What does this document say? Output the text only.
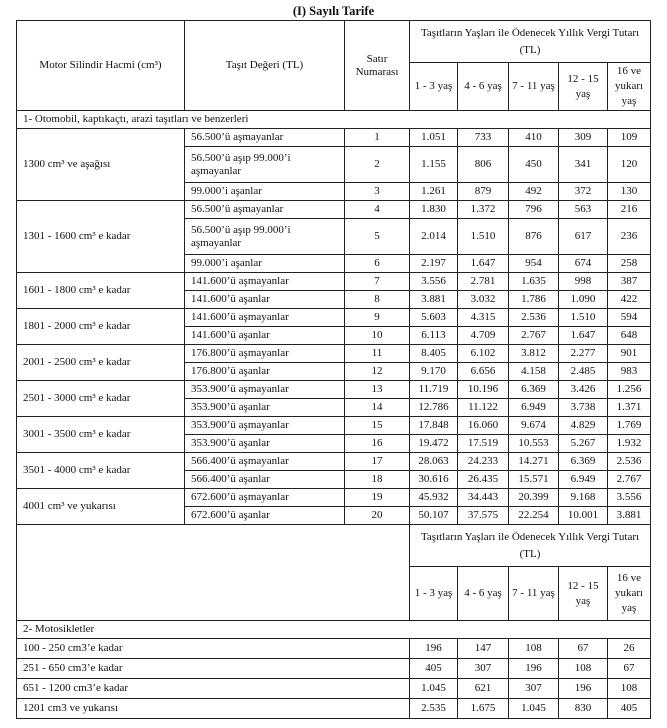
(I) Sayılı Tarife
Motor Silindir Hacmi (cm³)	Taşıt Değeri (TL)	Satır Numarası	Taşıtların Yaşları ile Ödenecek Yıllık Vergi Tutarı (TL)				
			1 - 3 yaş	4 - 6 yaş	7 - 11 yaş	12 - 15 yaş	16 ve yukarı yaş
1- Otomobil, kaptıkaçtı, arazi taşıtları ve benzerleri							
1300 cm³ ve aşağısı	56.500’ü aşmayanlar	1	1.051	733	410	309	109
	56.500’ü aşıp 99.000’i aşmayanlar	2	1.155	806	450	341	120
	99.000’i aşanlar	3	1.261	879	492	372	130
1301 - 1600 cm³ e kadar	56.500’ü aşmayanlar	4	1.830	1.372	796	563	216
	56.500’ü aşıp 99.000’i aşmayanlar	5	2.014	1.510	876	617	236
	99.000’i aşanlar	6	2.197	1.647	954	674	258
1601 - 1800 cm³ e kadar	141.600’ü aşmayanlar	7	3.556	2.781	1.635	998	387
	141.600’ü aşanlar	8	3.881	3.032	1.786	1.090	422
1801 - 2000 cm³ e kadar	141.600’ü aşmayanlar	9	5.603	4.315	2.536	1.510	594
	141.600’ü aşanlar	10	6.113	4.709	2.767	1.647	648
2001 - 2500 cm³ e kadar	176.800’ü aşmayanlar	11	8.405	6.102	3.812	2.277	901
	176.800’ü aşanlar	12	9.170	6.656	4.158	2.485	983
2501 - 3000 cm³ e kadar	353.900’ü aşmayanlar	13	11.719	10.196	6.369	3.426	1.256
	353.900’ü aşanlar	14	12.786	11.122	6.949	3.738	1.371
3001 - 3500 cm³ e kadar	353.900’ü aşmayanlar	15	17.848	16.060	9.674	4.829	1.769
	353.900’ü aşanlar	16	19.472	17.519	10.553	5.267	1.932
3501 - 4000 cm³ e kadar	566.400’ü aşmayanlar	17	28.063	24.233	14.271	6.369	2.536
	566.400’ü aşanlar	18	30.616	26.435	15.571	6.949	2.767
4001 cm³ ve yukarısı	672.600’ü aşmayanlar	19	45.932	34.443	20.399	9.168	3.556
	672.600’ü aşanlar	20	50.107	37.575	22.254	10.001	3.881
			Taşıtların Yaşları ile Ödenecek Yıllık Vergi Tutarı (TL)				
			1 - 3 yaş	4 - 6 yaş	7 - 11 yaş	12 - 15 yaş	16 ve yukarı yaş
2- Motosikletler							
100 - 250 cm3’e kadar			196	147	108	67	26
251 - 650 cm3’e kadar			405	307	196	108	67
651 - 1200 cm3’e kadar			1.045	621	307	196	108
1201 cm3 ve yukarısı			2.535	1.675	1.045	830	405
